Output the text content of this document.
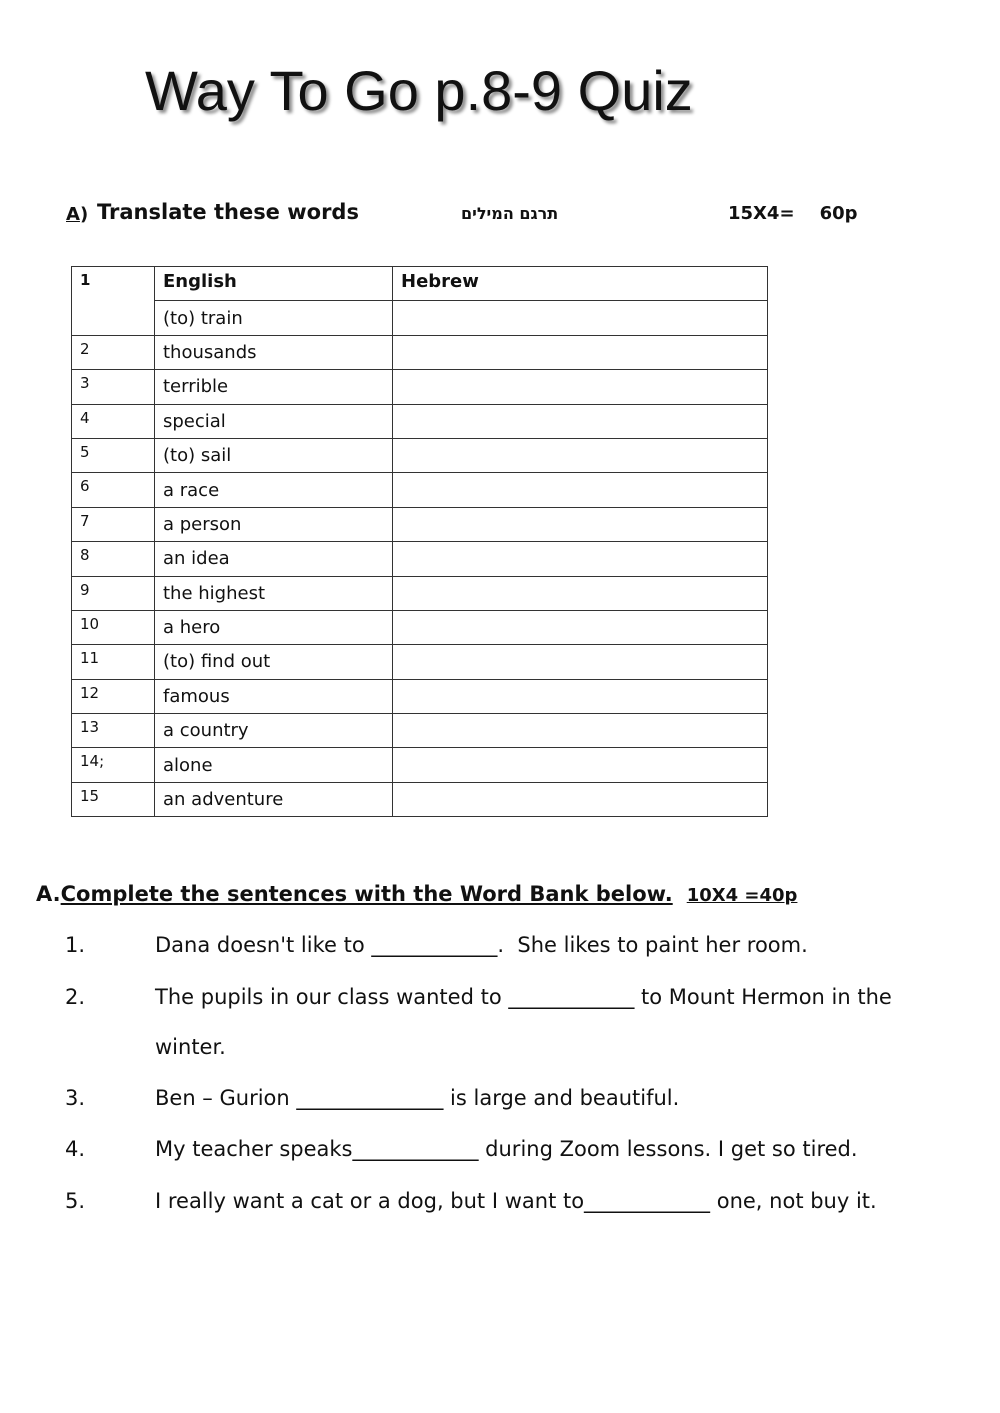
Way To Go p.8-9 Quiz
A) Translate these words	תרגם המילים	15X4=    60p
1	English	Hebrew
	(to) train	
2	thousands	
3	terrible	
4	special	
5	(to) sail	
6	a race	
7	a person	
8	an idea	
9	the highest	
10	a hero	
11	(to) find out	
12	famous	
13	a country	
14;	alone	
15	an adventure	
A.Complete the sentences with the Word Bank below. 10X4 =40p
1.	Dana doesn't like to ____________.  She likes to paint her room.
2.	The pupils in our class wanted to ____________ to Mount Hermon in the
winter.
3.	Ben – Gurion ______________ is large and beautiful.
4.	My teacher speaks____________ during Zoom lessons. I get so tired.
5.	I really want a cat or a dog, but I want to____________ one, not buy it.
